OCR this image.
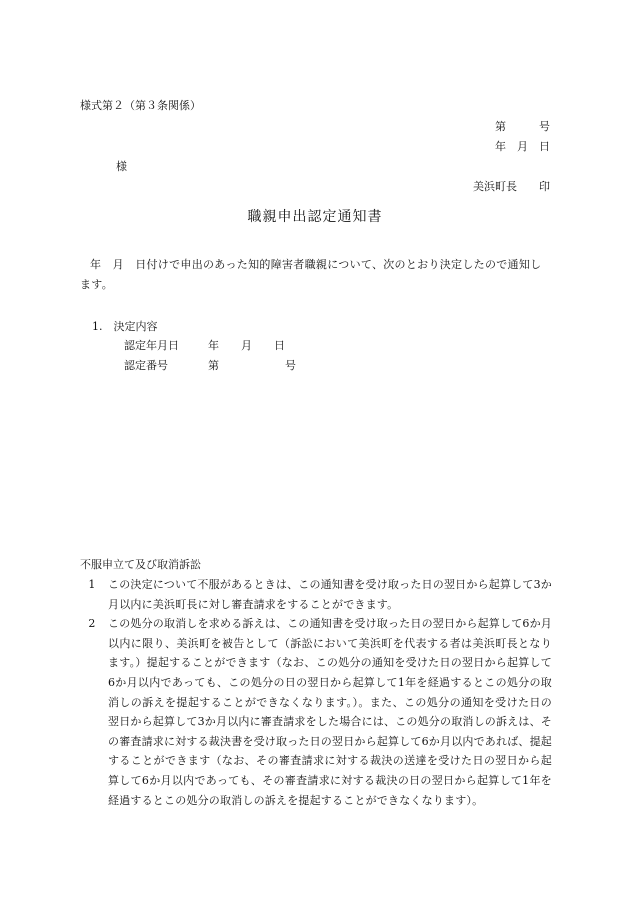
様式第２（第３条関係）
第　　　号
年　月　日
様
美浜町長　　印
職親申出認定通知書
年　月　日付けで申出のあった知的障害者職親について、次のとおり決定したので通知します。
1.　決定内容
認定年月日	年　　月　　日
認定番号	第　　　　　　号
不服申立て及び取消訴訟
1	この決定について不服があるときは、この通知書を受け取った日の翌日から起算して3か月以内に美浜町長に対し審査請求をすることができます。
2	この処分の取消しを求める訴えは、この通知書を受け取った日の翌日から起算して6か月以内に限り、美浜町を被告として（訴訟において美浜町を代表する者は美浜町長となります。）提起することができます（なお、この処分の通知を受けた日の翌日から起算して6か月以内であっても、この処分の日の翌日から起算して1年を経過するとこの処分の取消しの訴えを提起することができなくなります。）。また、この処分の通知を受けた日の翌日から起算して3か月以内に審査請求をした場合には、この処分の取消しの訴えは、その審査請求に対する裁決書を受け取った日の翌日から起算して6か月以内であれば、提起することができます（なお、その審査請求に対する裁決の送達を受けた日の翌日から起算して6か月以内であっても、その審査請求に対する裁決の日の翌日から起算して1年を経過するとこの処分の取消しの訴えを提起することができなくなります）。
